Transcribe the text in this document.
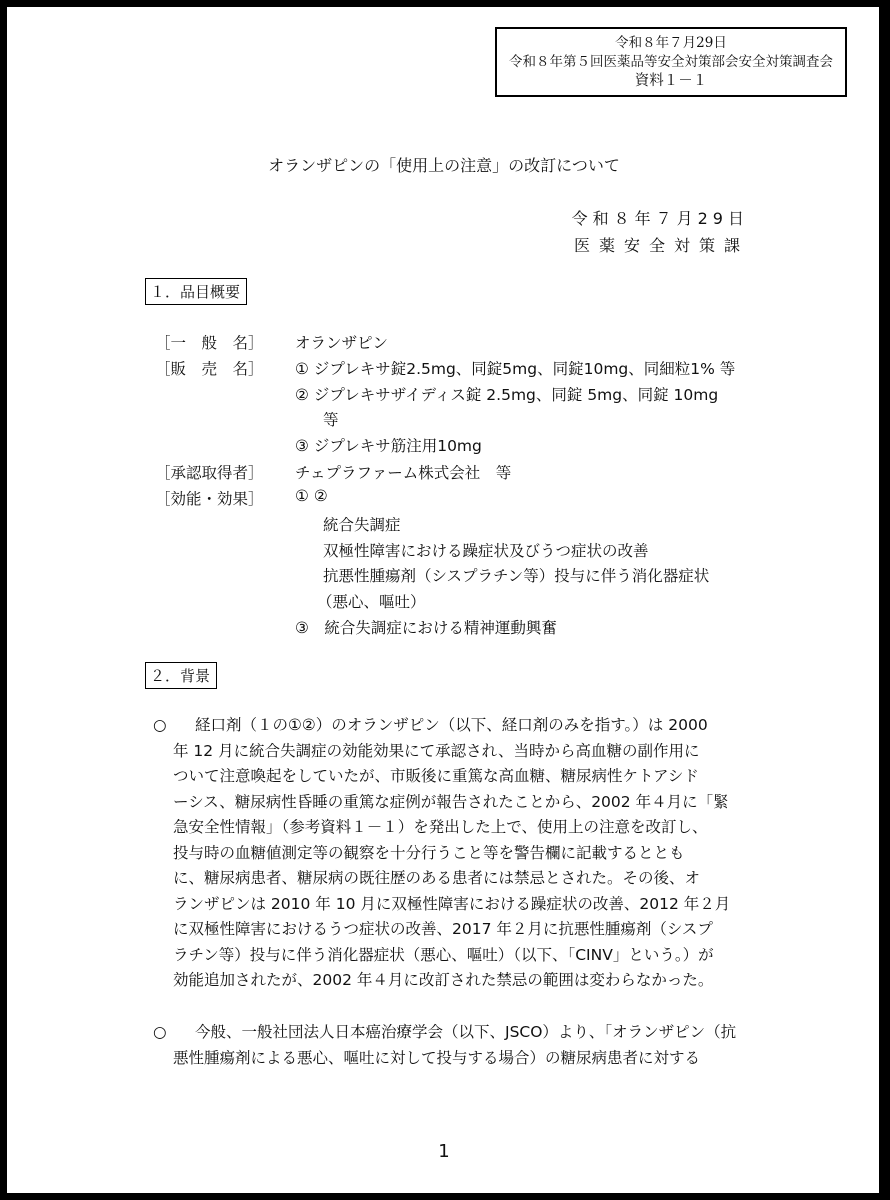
令和８年７月29日
令和８年第５回医薬品等安全対策部会安全対策調査会
資料１－１
オランザピンの「使用上の注意」の改訂について
令和８年７月29日
医薬安全対策課
１．品目概要
［一　般　名］ オランザピン
［販　売　名］ ① ジプレキサ錠2.5mg、同錠5mg、同錠10mg、同細粒1% 等
② ジプレキサザイディス錠 2.5mg、同錠 5mg、同錠 10mg
等
③ ジプレキサ筋注用10mg
［承認取得者］ チェプラファーム株式会社　等
［効能・効果］ ① ②
統合失調症
双極性障害における躁症状及びうつ症状の改善
抗悪性腫瘍剤（シスプラチン等）投与に伴う消化器症状
（悪心、嘔吐）
③　統合失調症における精神運動興奮
２．背景
○	経口剤（１の①②）のオランザピン（以下、経口剤のみを指す。）は 2000
年 12 月に統合失調症の効能効果にて承認され、当時から高血糖の副作用に
ついて注意喚起をしていたが、市販後に重篤な高血糖、糖尿病性ケトアシド
ーシス、糖尿病性昏睡の重篤な症例が報告されたことから、2002 年４月に「緊
急安全性情報」（参考資料１－１）を発出した上で、使用上の注意を改訂し、
投与時の血糖値測定等の観察を十分行うこと等を警告欄に記載するととも
に、糖尿病患者、糖尿病の既往歴のある患者には禁忌とされた。その後、オ
ランザピンは 2010 年 10 月に双極性障害における躁症状の改善、2012 年２月
に双極性障害におけるうつ症状の改善、2017 年２月に抗悪性腫瘍剤（シスプ
ラチン等）投与に伴う消化器症状（悪心、嘔吐）（以下、「CINV」という。）が
効能追加されたが、2002 年４月に改訂された禁忌の範囲は変わらなかった。
○	今般、一般社団法人日本癌治療学会（以下、JSCO）より、「オランザピン（抗
悪性腫瘍剤による悪心、嘔吐に対して投与する場合）の糖尿病患者に対する
1
